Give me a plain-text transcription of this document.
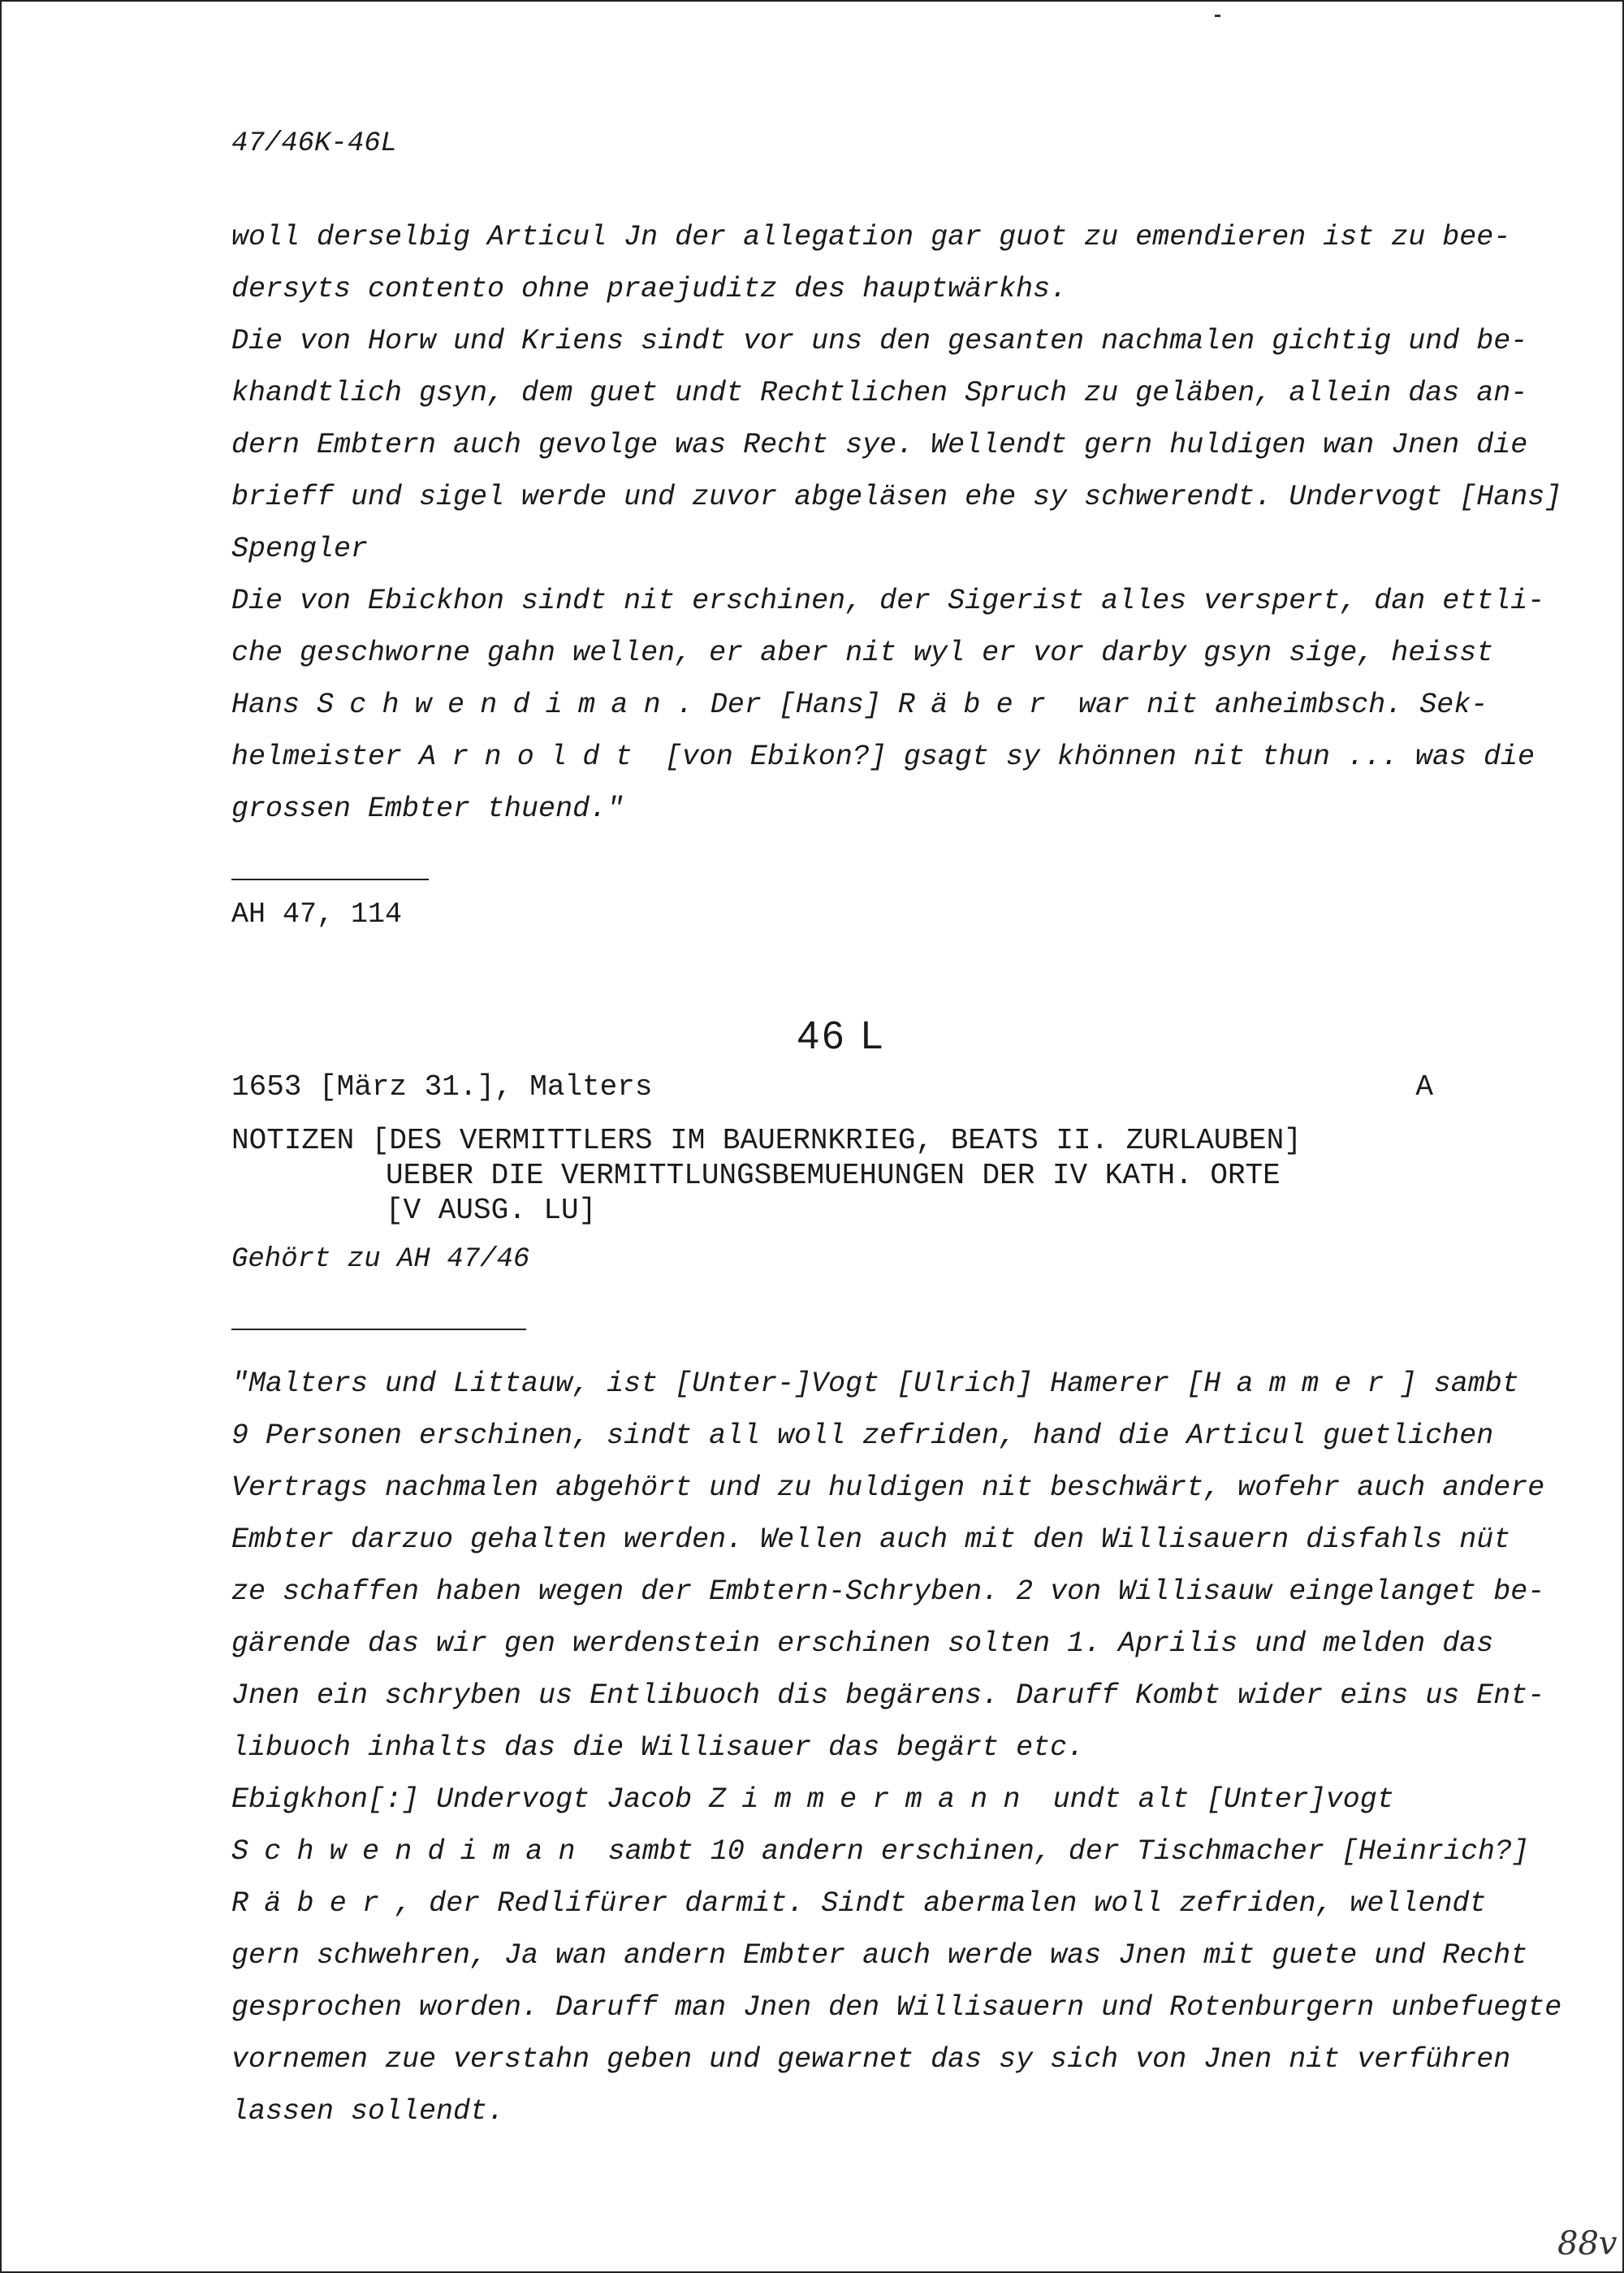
47/46K-46L
woll derselbig Articul Jn der allegation gar guot zu emendieren ist zu bee-
dersyts contento ohne praejuditz des hauptwärkhs.
Die von Horw und Kriens sindt vor uns den gesanten nachmalen gichtig und be-
khandtlich gsyn, dem guet undt Rechtlichen Spruch zu geläben, allein das an-
dern Embtern auch gevolge was Recht sye. Wellendt gern huldigen wan Jnen die
brieff und sigel werde und zuvor abgeläsen ehe sy schwerendt. Undervogt [Hans]
Spengler
Die von Ebickhon sindt nit erschinen, der Sigerist alles verspert, dan ettli-
che geschworne gahn wellen, er aber nit wyl er vor darby gsyn sige, heisst
Hans Schwendiman. Der [Hans] Räber war nit anheimbsch. Sek-
helmeister Arnoldt [von Ebikon?] gsagt sy khönnen nit thun ... was die
grossen Embter thuend."
AH 47, 114
46 L
1653 [März 31.], Malters	A
NOTIZEN [DES VERMITTLERS IM BAUERNKRIEG, BEATS II. ZURLAUBEN]
UEBER DIE VERMITTLUNGSBEMUEHUNGEN DER IV KATH. ORTE
[V AUSG. LU]
Gehört zu AH 47/46
"Malters und Littauw, ist [Unter-]Vogt [Ulrich] Hamerer [Hammer] sambt
9 Personen erschinen, sindt all woll zefriden, hand die Articul guetlichen
Vertrags nachmalen abgehört und zu huldigen nit beschwärt, wofehr auch andere
Embter darzuo gehalten werden. Wellen auch mit den Willisauern disfahls nüt
ze schaffen haben wegen der Embtern-Schryben. 2 von Willisauw eingelanget be-
gärende das wir gen werdenstein erschinen solten 1. Aprilis und melden das
Jnen ein schryben us Entlibuoch dis begärens. Daruff Kombt wider eins us Ent-
libuoch inhalts das die Willisauer das begärt etc.
Ebigkhon[:] Undervogt Jacob Zimmermann undt alt [Unter]vogt
Schwendiman sambt 10 andern erschinen, der Tischmacher [Heinrich?]
Räber, der Redlifürer darmit. Sindt abermalen woll zefriden, wellendt
gern schwehren, Ja wan andern Embter auch werde was Jnen mit guete und Recht
gesprochen worden. Daruff man Jnen den Willisauern und Rotenburgern unbefuegte
vornemen zue verstahn geben und gewarnet das sy sich von Jnen nit verführen
lassen sollendt.
88v
